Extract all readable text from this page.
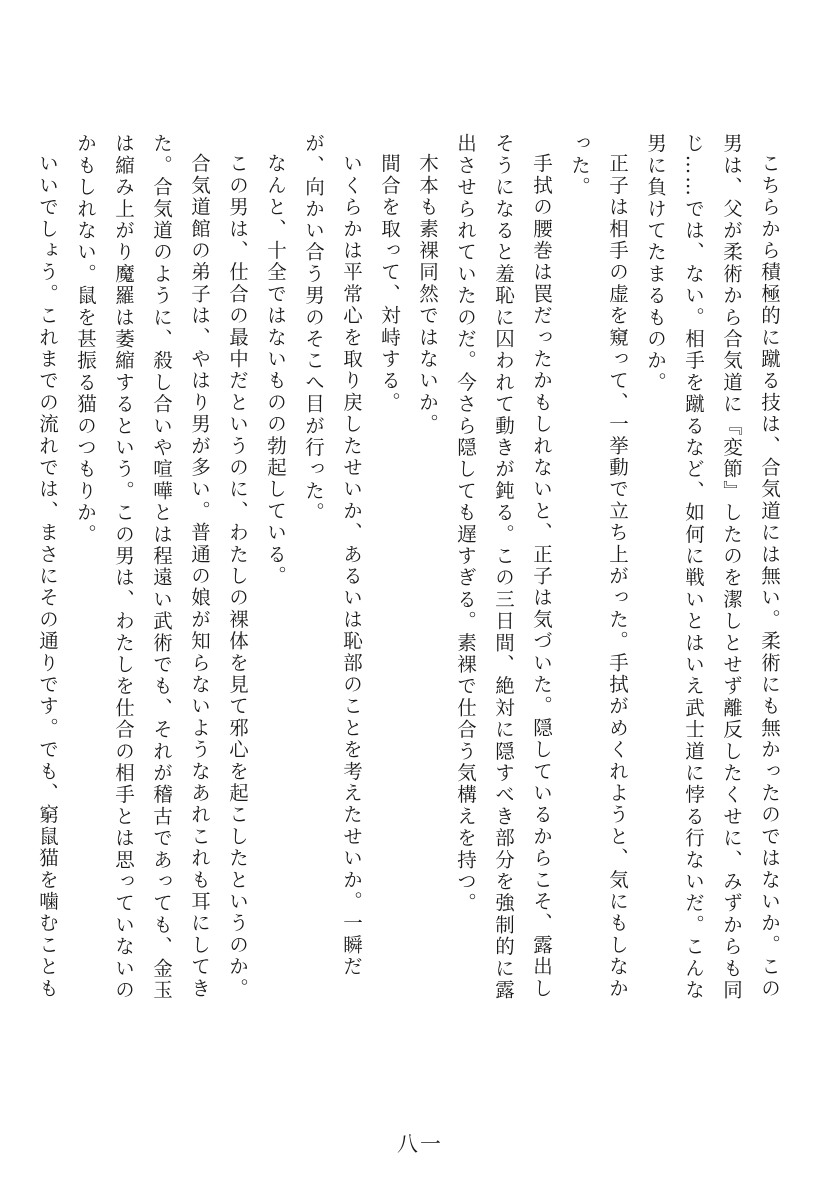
こちらから積極的に蹴る技は、合気道には無い。柔術にも無かったのではないか。この男は、父が柔術から合気道に『変節』したのを潔しとせず離反したくせに、みずからも同じ……では、ない。相手を蹴るなど、如何に戦いとはいえ武士道に悖る行ないだ。こんな男に負けてたまるものか。

正子は相手の虚を窺って、一挙動で立ち上がった。手拭がめくれようと、気にもしなかった。

手拭の腰巻は罠だったかもしれないと、正子は気づいた。隠しているからこそ、露出しそうになると羞恥に囚われて動きが鈍る。この三日間、絶対に隠すべき部分を強制的に露出させられていたのだ。今さら隠しても遅すぎる。素裸で仕合う気構えを持つ。

木本も素裸同然ではないか。

間合を取って、対峙する。

いくらかは平常心を取り戻したせいか、あるいは恥部のことを考えたせいか。一瞬だが、向かい合う男のそこへ目が行った。

なんと、十全ではないものの勃起している。

この男は、仕合の最中だというのに、わたしの裸体を見て邪心を起こしたというのか。

合気道館の弟子は、やはり男が多い。普通の娘が知らないようなあれこれも耳にしてきた。合気道のように、殺し合いや喧嘩とは程遠い武術でも、それが稽古であっても、金玉は縮み上がり魔羅は萎縮するという。この男は、わたしを仕合の相手とは思っていないのかもしれない。鼠を甚振る猫のつもりか。

いいでしょう。これまでの流れでは、まさにその通りです。でも、窮鼠猫を噛むことも

八一
